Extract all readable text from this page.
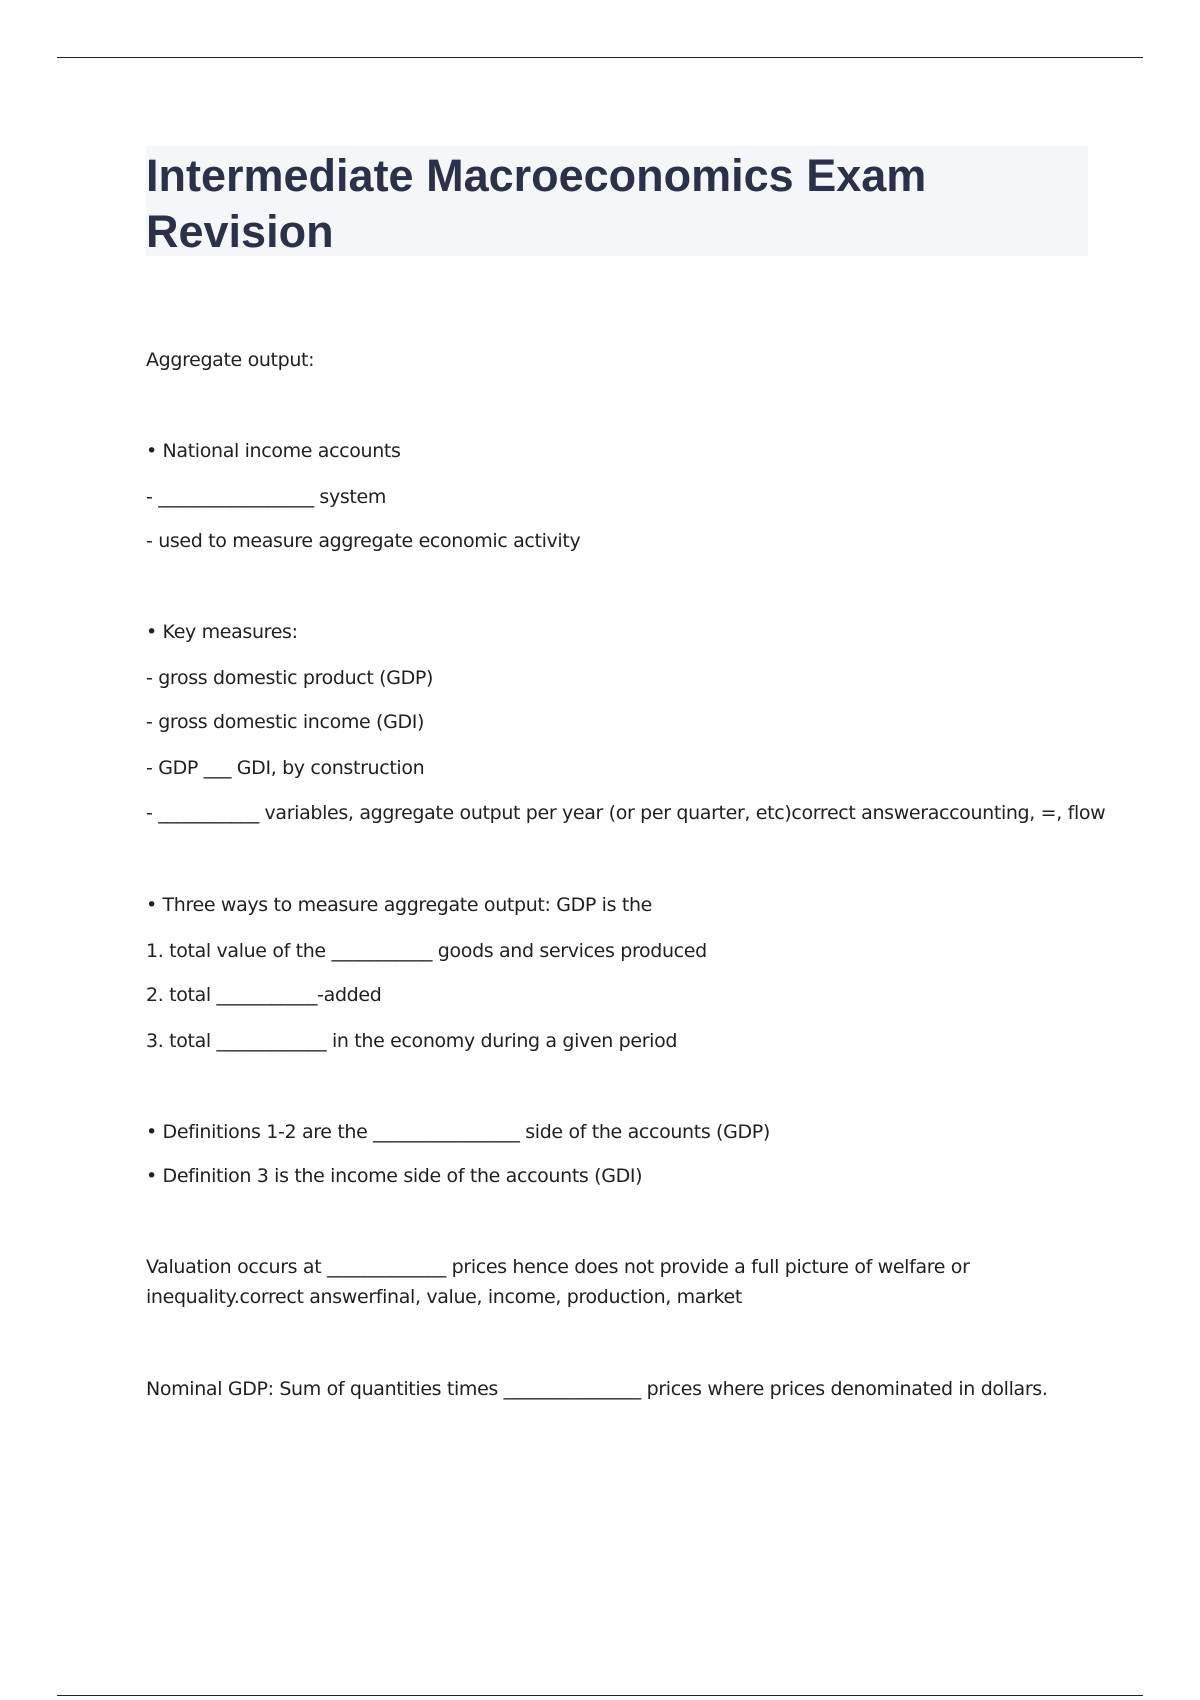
Intermediate Macroeconomics Exam Revision
Aggregate output:
• National income accounts
- _________________ system
- used to measure aggregate economic activity
• Key measures:
- gross domestic product (GDP)
- gross domestic income (GDI)
- GDP ___ GDI, by construction
- ___________ variables, aggregate output per year (or per quarter, etc)correct answeraccounting, =, flow
• Three ways to measure aggregate output: GDP is the
1. total value of the ___________ goods and services produced
2. total ___________-added
3. total ____________ in the economy during a given period
• Definitions 1-2 are the ________________ side of the accounts (GDP)
• Definition 3 is the income side of the accounts (GDI)
Valuation occurs at _____________ prices hence does not provide a full picture of welfare or inequality.correct answerfinal, value, income, production, market
Nominal GDP: Sum of quantities times _______________ prices where prices denominated in dollars.
